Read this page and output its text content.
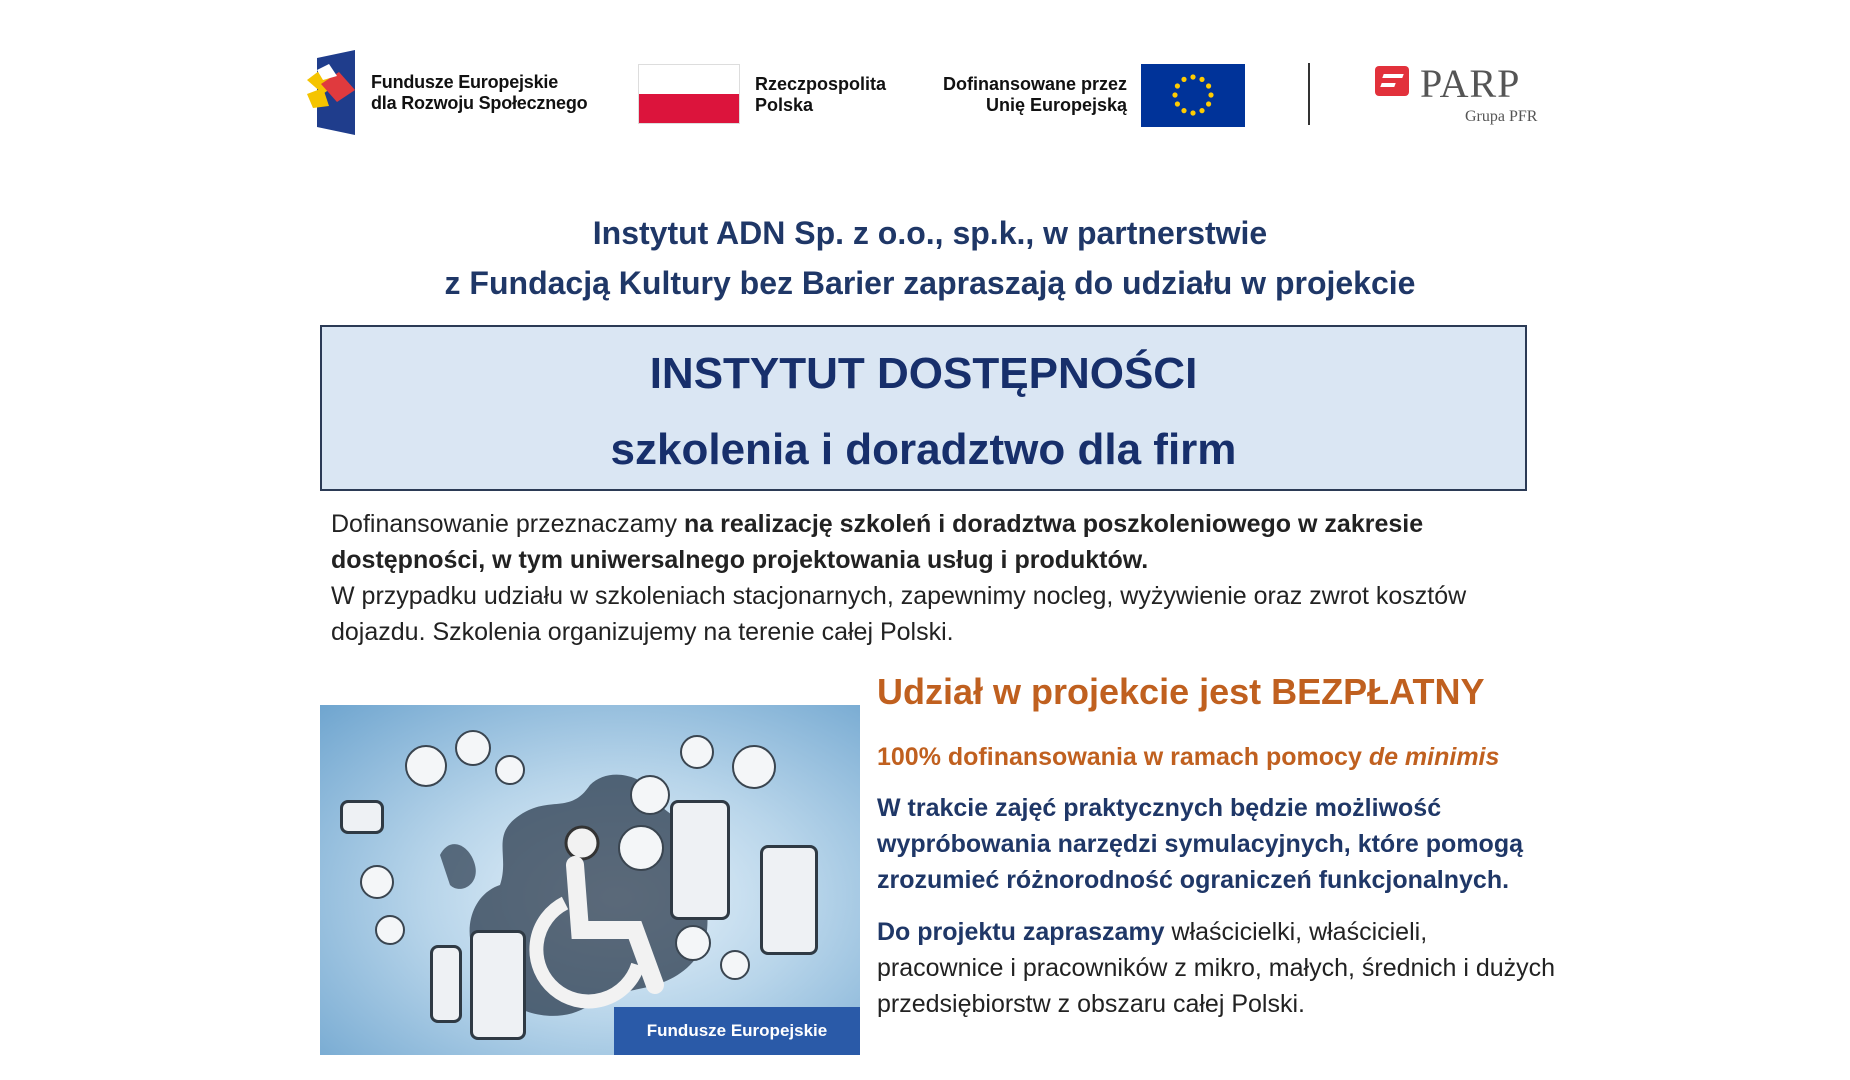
Fundusze Europejskie
dla Rozwoju Społecznego
Rzeczpospolita
Polska
Dofinansowane przez
Unię Europejską	PARP
Grupa PFR
Instytut ADN Sp. z o.o., sp.k., w partnerstwie
z Fundacją Kultury bez Barier zapraszają do udziału w projekcie
INSTYTUT DOSTĘPNOŚCI
szkolenia i doradztwo dla firm
Dofinansowanie przeznaczamy na realizację szkoleń i doradztwa poszkoleniowego w zakresie dostępności, w tym uniwersalnego projektowania usług i produktów.
W przypadku udziału w szkoleniach stacjonarnych, zapewnimy nocleg, wyżywienie oraz zwrot kosztów dojazdu. Szkolenia organizujemy na terenie całej Polski.
Fundusze Europejskie
Udział w projekcie jest BEZPŁATNY
100% dofinansowania w ramach pomocy de minimis
W trakcie zajęć praktycznych będzie możliwość wypróbowania narzędzi symulacyjnych, które pomogą zrozumieć różnorodność ograniczeń funkcjonalnych.
Do projektu zapraszamy właścicielki, właścicieli, pracownice i pracowników z mikro, małych, średnich i dużych przedsiębiorstw z obszaru całej Polski.
